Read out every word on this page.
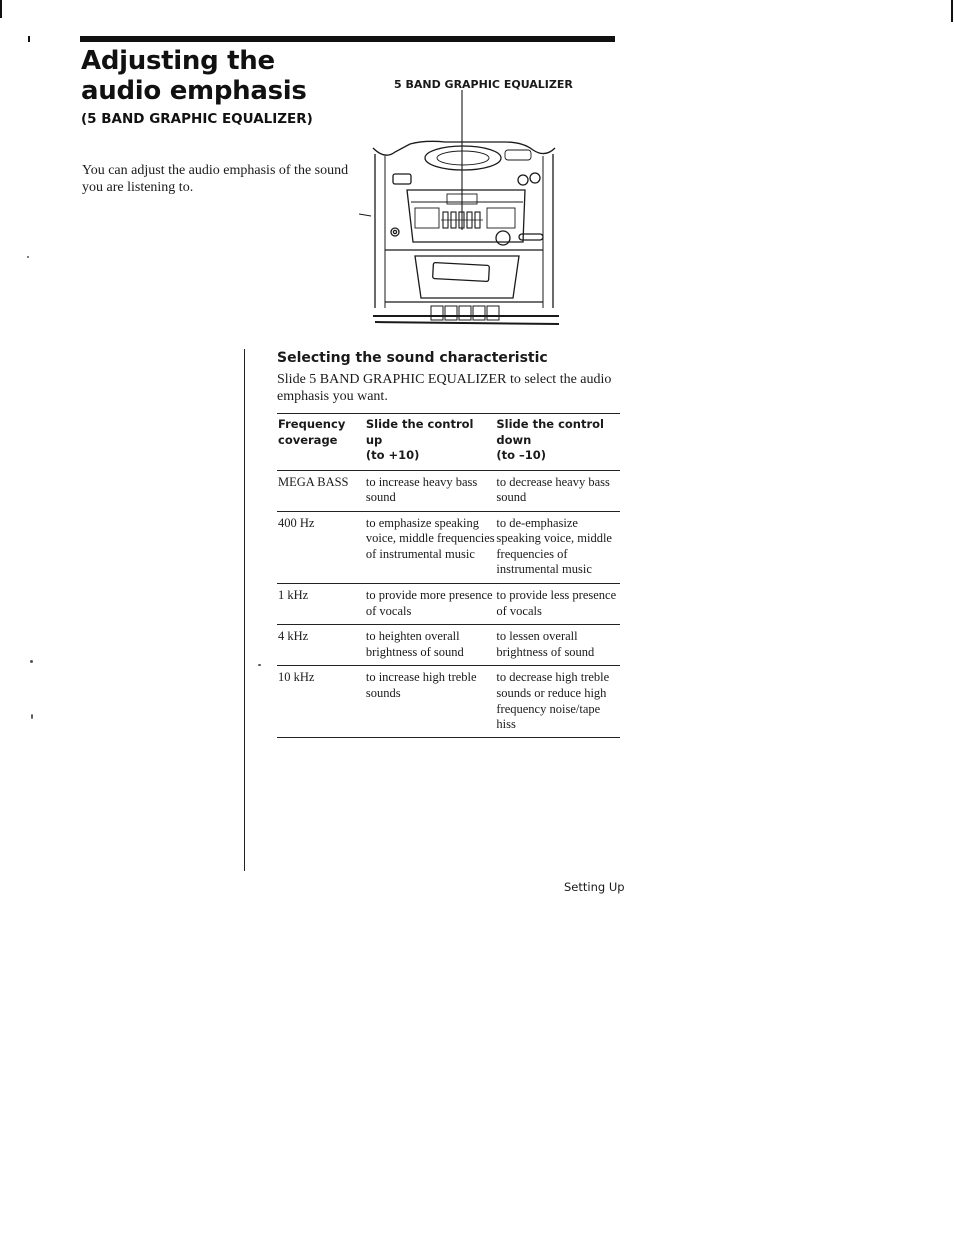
Adjusting the
audio emphasis
(5 BAND GRAPHIC EQUALIZER)

You can adjust the audio emphasis of the sound you are listening to.

5 BAND GRAPHIC EQUALIZER
Selecting the sound characteristic

Slide 5 BAND GRAPHIC EQUALIZER to select the audio emphasis you want.

Frequency
coverage	Slide the control
up
(to +10)	Slide the control
down
(to –10)
MEGA BASS	to increase heavy bass sound	to decrease heavy bass sound
400 Hz	to emphasize speaking voice, middle frequencies of instrumental music	to de-emphasize speaking voice, middle frequencies of instrumental music
1 kHz	to provide more presence of vocals	to provide less presence of vocals
4 kHz	to heighten overall brightness of sound	to lessen overall brightness of sound
10 kHz	to increase high treble sounds	to decrease high treble sounds or reduce high frequency noise/tape hiss
Setting Up
